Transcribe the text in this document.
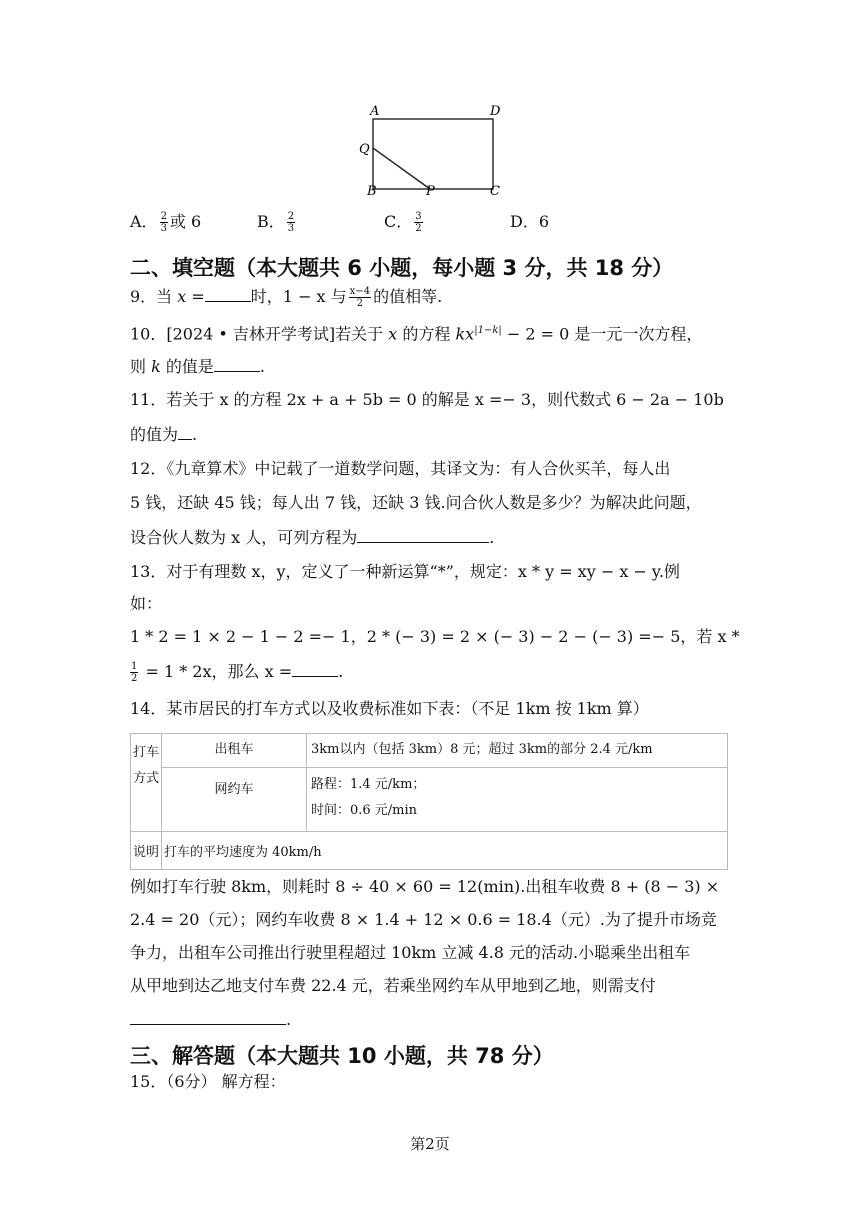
A	D
Q
B	P	C
A． $\frac{2}{3}$ 或 6	B． $\frac{2}{3}$	C． $\frac{3}{2}$	D．6
二、填空题（本大题共 6 小题，每小题 3 分，共 18 分）
9．当 x =	时，1 − x 与 $\frac{x-4}{2}$ 的值相等.
10．[2024 • 吉林开学考试]若关于 x 的方程 $kx^{|1-k|} - 2 = 0$ 是一元一次方程，
则 k 的值是	.
11．若关于 x 的方程 2x + a + 5b = 0 的解是 x =− 3，则代数式 6 − 2a − 10b
的值为 .
12．《九章算术》中记载了一道数学问题，其译文为：有人合伙买羊，每人出
5 钱，还缺 45 钱；每人出 7 钱，还缺 3 钱.问合伙人数是多少？为解决此问题，
设合伙人数为 x 人，可列方程为	.
13．对于有理数 x，y，定义了一种新运算“*”，规定：x * y = xy − x − y.例
如：
1 * 2 = 1 × 2 − 1 − 2 =− 1，2 * (− 3) = 2 × (− 3) − 2 − (− 3) =− 5，若 x *
$\frac{1}{2} = 1 * 2x$，那么 x =	.
14．某市居民的打车方式以及收费标准如下表：（不足 1km 按 1km 算）
打车
方式	出租车	3km以内（包括 3km）8 元；超过 3km的部分 2.4 元/km
	网约车	路程：1.4 元/km；
时间：0.6 元/min

说明	打车的平均速度为 40km/h	
例如打车行驶 8km，则耗时 8 ÷ 40 × 60 = 12(min).出租车收费 8 + (8 − 3) ×
2.4 = 20（元）；网约车收费 8 × 1.4 + 12 × 0.6 = 18.4（元）.为了提升市场竞
争力，出租车公司推出行驶里程超过 10km 立减 4.8 元的活动.小聪乘坐出租车
从甲地到达乙地支付车费 22.4 元，若乘坐网约车从甲地到乙地，则需支付
.
三、解答题（本大题共 10 小题，共 78 分）
15．（6分） 解方程：
第2页
